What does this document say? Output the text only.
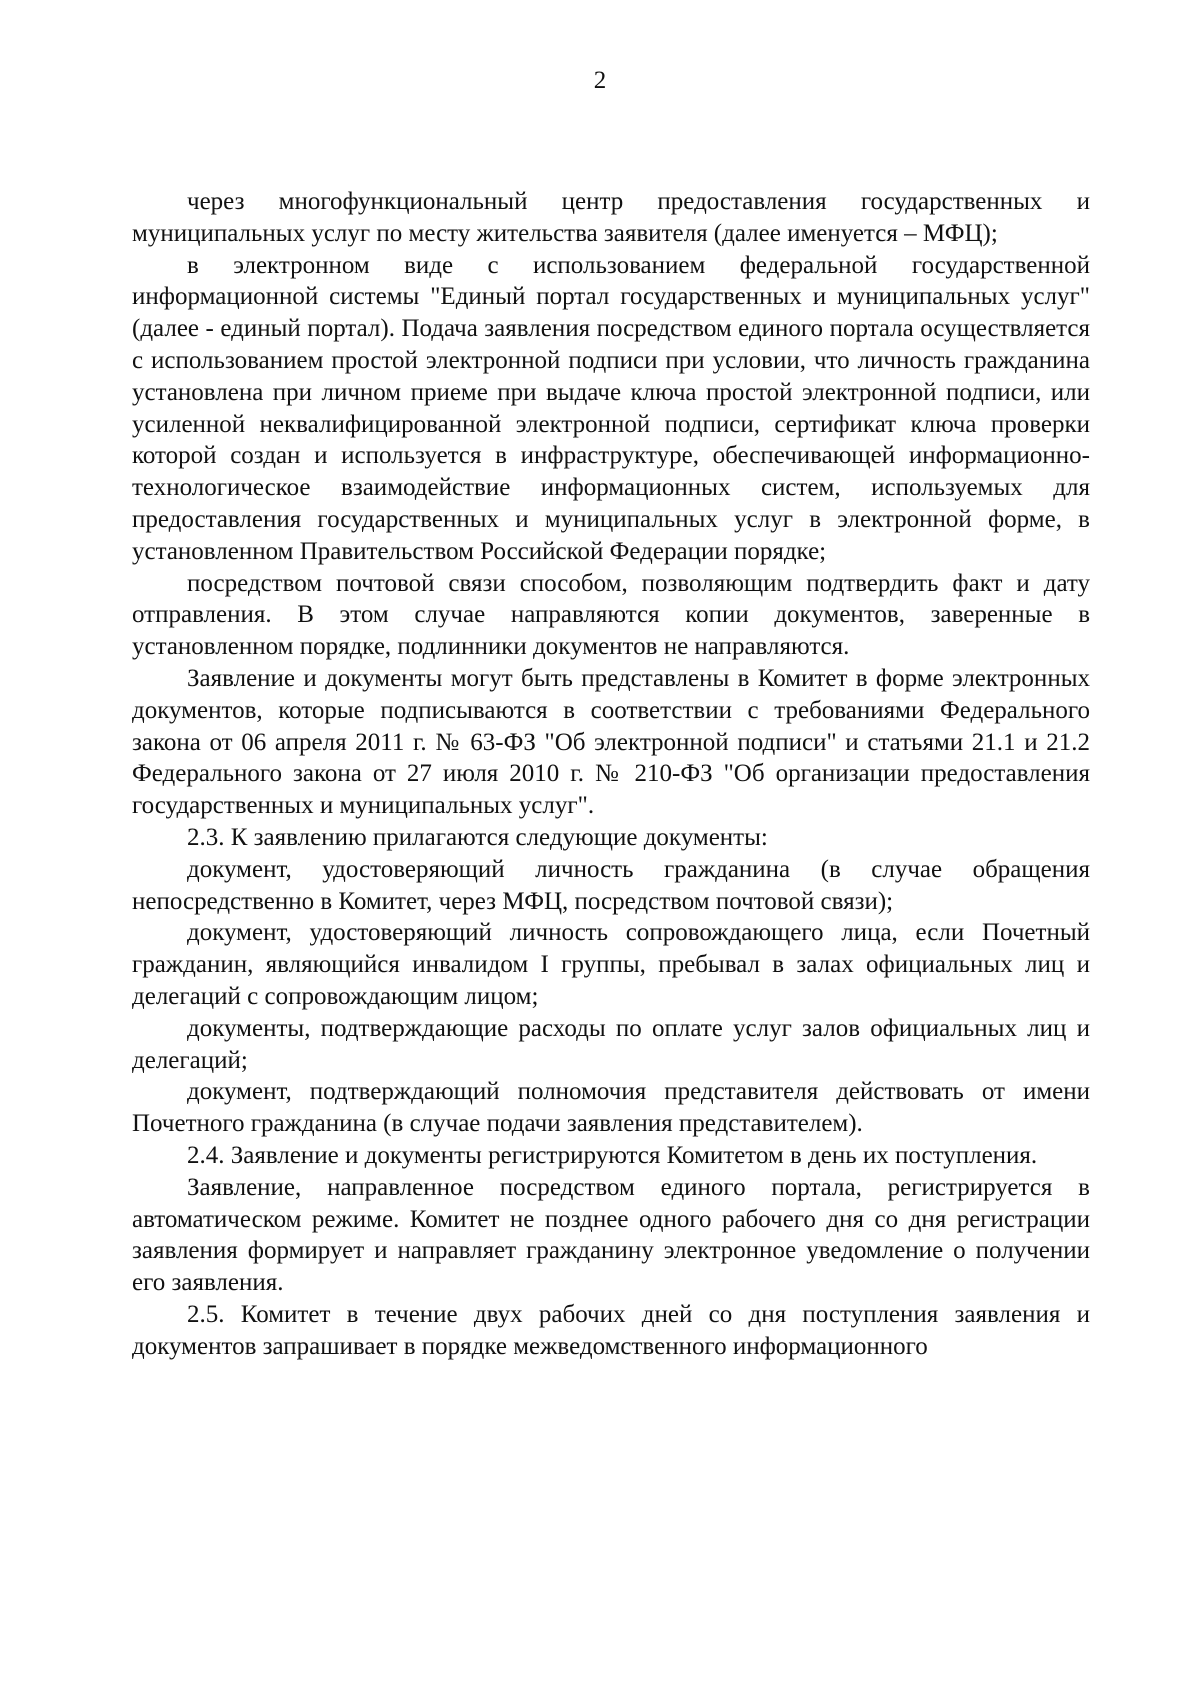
2

через многофункциональный центр предоставления государственных и муниципальных услуг по месту жительства заявителя (далее именуется – МФЦ);

в электронном виде с использованием федеральной государственной информационной системы "Единый портал государственных и муниципальных услуг" (далее - единый портал). Подача заявления посредством единого портала осуществляется с использованием простой электронной подписи при условии, что личность гражданина установлена при личном приеме при выдаче ключа простой электронной подписи, или усиленной неквалифицированной электронной подписи, сертификат ключа проверки которой создан и используется в инфраструктуре, обеспечивающей информационно-технологическое взаимодействие информационных систем, используемых для предоставления государственных и муниципальных услуг в электронной форме, в установленном Правительством Российской Федерации порядке;

посредством почтовой связи способом, позволяющим подтвердить факт и дату отправления. В этом случае направляются копии документов, заверенные в установленном порядке, подлинники документов не направляются.

Заявление и документы могут быть представлены в Комитет в форме электронных документов, которые подписываются в соответствии с требованиями Федерального закона от 06 апреля 2011 г. № 63-ФЗ "Об электронной подписи" и статьями 21.1 и 21.2 Федерального закона от 27 июля 2010 г. № 210-ФЗ "Об организации предоставления государственных и муниципальных услуг".

2.3. К заявлению прилагаются следующие документы:

документ, удостоверяющий личность гражданина (в случае обращения непосредственно в Комитет, через МФЦ, посредством почтовой связи);

документ, удостоверяющий личность сопровождающего лица, если Почетный гражданин, являющийся инвалидом I группы, пребывал в залах официальных лиц и делегаций с сопровождающим лицом;

документы, подтверждающие расходы по оплате услуг залов официальных лиц и делегаций;

документ, подтверждающий полномочия представителя действовать от имени Почетного гражданина (в случае подачи заявления представителем).

2.4. Заявление и документы регистрируются Комитетом в день их поступления.

Заявление, направленное посредством единого портала, регистрируется в автоматическом режиме. Комитет не позднее одного рабочего дня со дня регистрации заявления формирует и направляет гражданину электронное уведомление о получении его заявления.

2.5. Комитет в течение двух рабочих дней со дня поступления заявления и документов запрашивает в порядке межведомственного информационного
